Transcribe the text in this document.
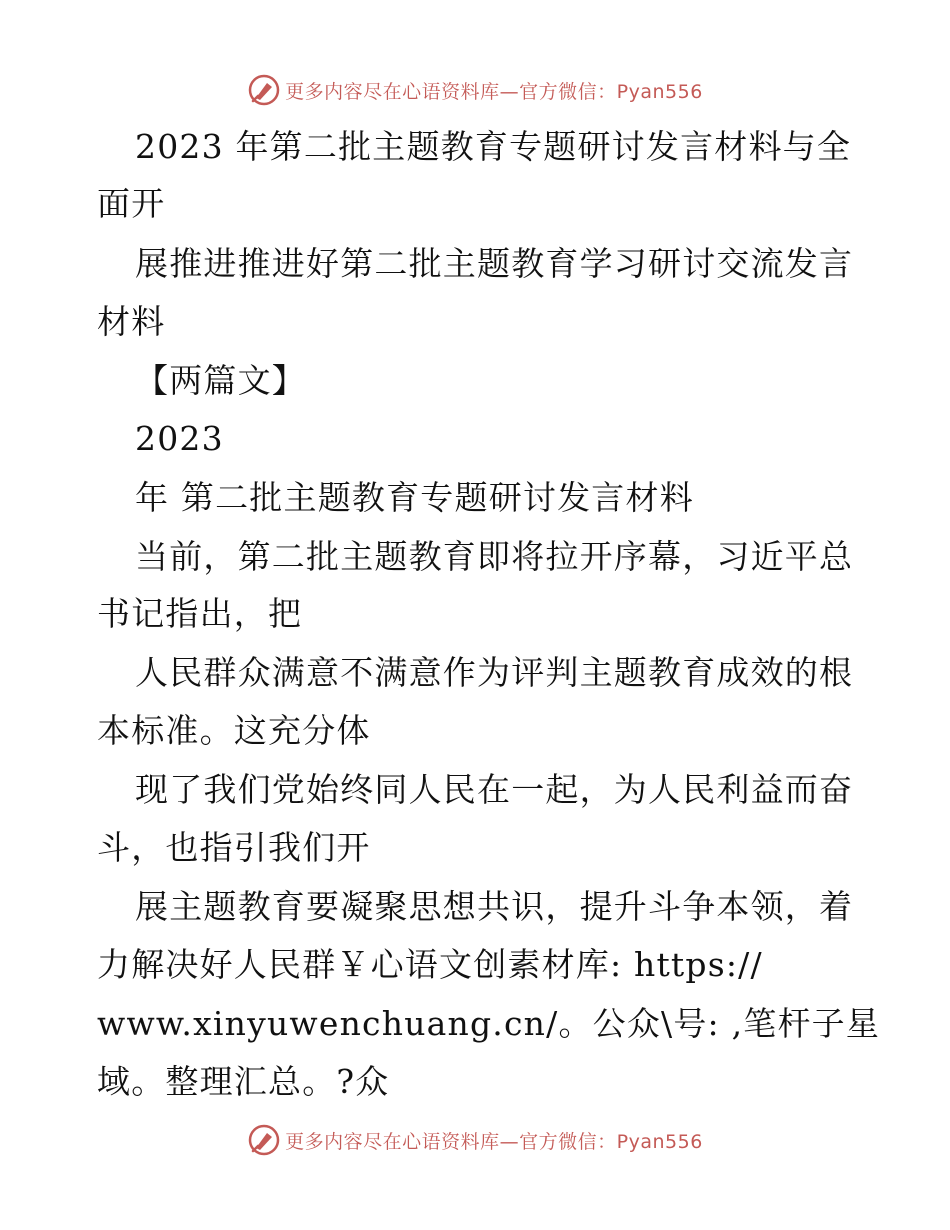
更多内容尽在心语资料库—官方微信：Pyan556
2023 年第二批主题教育专题研讨发言材料与全
面开
展推进推进好第二批主题教育学习研讨交流发言
材料
【两篇文】
2023
年 第二批主题教育专题研讨发言材料
当前，第二批主题教育即将拉开序幕，习近平总
书记指出，把
人民群众满意不满意作为评判主题教育成效的根
本标准。这充分体
现了我们党始终同人民在一起，为人民利益而奋
斗，也指引我们开
展主题教育要凝聚思想共识，提升斗争本领，着
力解决好人民群￥心语文创素材库: https://
www.xinyuwenchuang.cn/。公众\号: ,笔杆子星
域。整理汇总。?众
更多内容尽在心语资料库—官方微信：Pyan556
